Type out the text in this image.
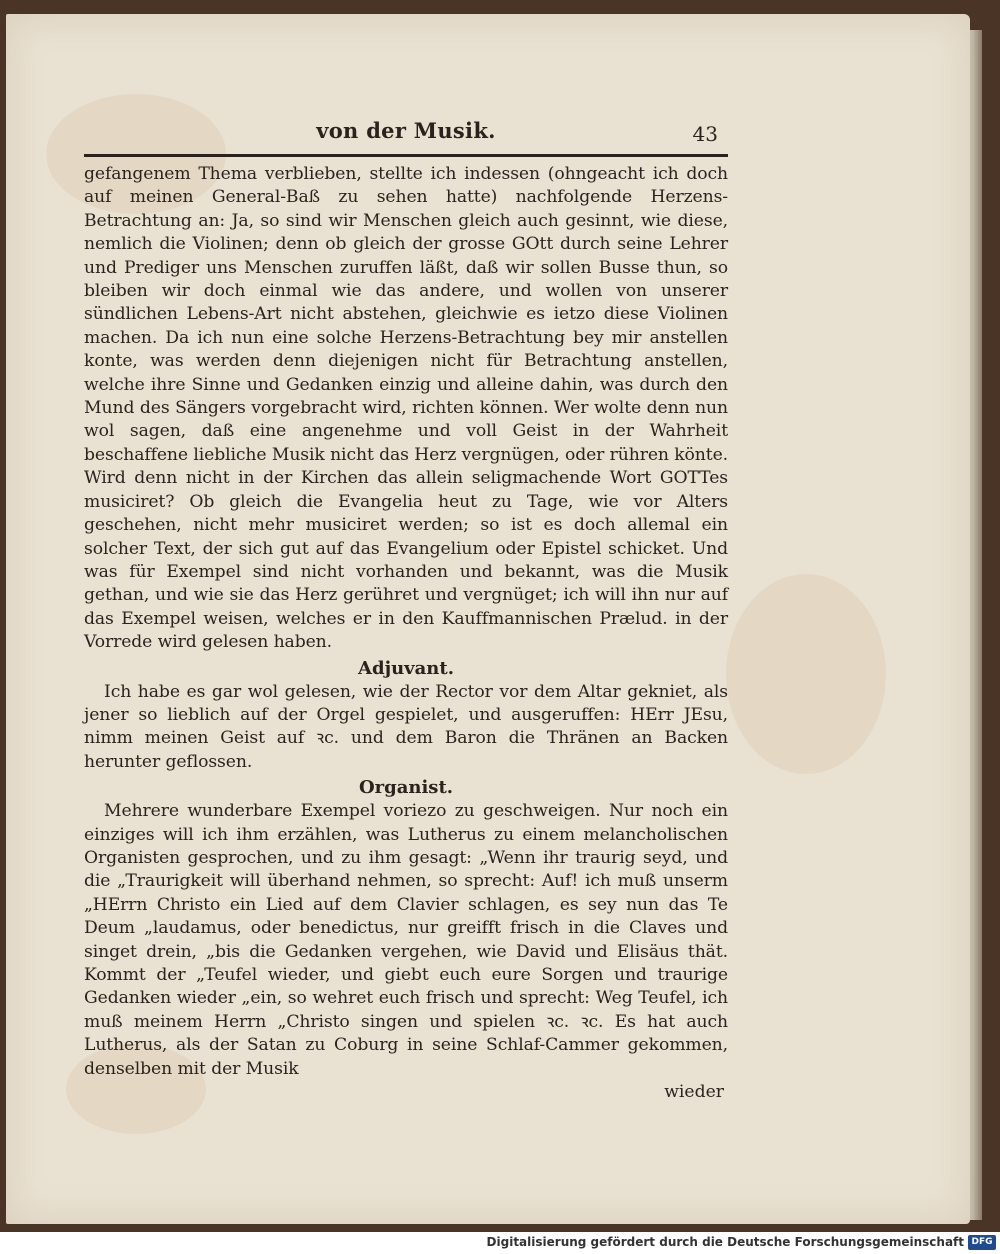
von der Musik.	43

gefangenem Thema verblieben, stellte ich indessen (ohngeacht ich doch auf meinen General-Baß zu sehen hatte) nachfolgende Herzens-Betrachtung an: Ja, so sind wir Menschen gleich auch gesinnt, wie diese, nemlich die Violinen; denn ob gleich der grosse GOtt durch seine Lehrer und Prediger uns Menschen zuruffen läßt, daß wir sollen Busse thun, so bleiben wir doch einmal wie das andere, und wollen von unserer sündlichen Lebens-Art nicht abstehen, gleichwie es ietzo diese Violinen machen. Da ich nun eine solche Herzens-Betrachtung bey mir anstellen konte, was werden denn diejenigen nicht für Betrachtung anstellen, welche ihre Sinne und Gedanken einzig und alleine dahin, was durch den Mund des Sängers vorgebracht wird, richten können. Wer wolte denn nun wol sagen, daß eine angenehme und voll Geist in der Wahrheit beschaffene liebliche Musik nicht das Herz vergnügen, oder rühren könte. Wird denn nicht in der Kirchen das allein seligmachende Wort GOTTes musiciret? Ob gleich die Evangelia heut zu Tage, wie vor Alters geschehen, nicht mehr musiciret werden; so ist es doch allemal ein solcher Text, der sich gut auf das Evangelium oder Epistel schicket. Und was für Exempel sind nicht vorhanden und bekannt, was die Musik gethan, und wie sie das Herz gerühret und vergnüget; ich will ihn nur auf das Exempel weisen, welches er in den Kauffmannischen Prælud. in der Vorrede wird gelesen haben.

Adjuvant.

Ich habe es gar wol gelesen, wie der Rector vor dem Altar gekniet, als jener so lieblich auf der Orgel gespielet, und ausgeruffen: HErr JEsu, nimm meinen Geist auf ꝛc. und dem Baron die Thränen an Backen herunter geflossen.

Organist.

Mehrere wunderbare Exempel voriezo zu geschweigen. Nur noch ein einziges will ich ihm erzählen, was Lutherus zu einem melancholischen Organisten gesprochen, und zu ihm gesagt: „Wenn ihr traurig seyd, und die „Traurigkeit will überhand nehmen, so sprecht: Auf! ich muß unserm „HErrn Christo ein Lied auf dem Clavier schlagen, es sey nun das Te Deum „laudamus, oder benedictus, nur greifft frisch in die Claves und singet drein, „bis die Gedanken vergehen, wie David und Elisäus thät. Kommt der „Teufel wieder, und giebt euch eure Sorgen und traurige Gedanken wieder „ein, so wehret euch frisch und sprecht: Weg Teufel, ich muß meinem Herrn „Christo singen und spielen ꝛc. ꝛc. Es hat auch Lutherus, als der Satan zu Coburg in seine Schlaf-Cammer gekommen, denselben mit der Musik

wieder

Digitalisierung gefördert durch die Deutsche Forschungsgemeinschaft DFG
